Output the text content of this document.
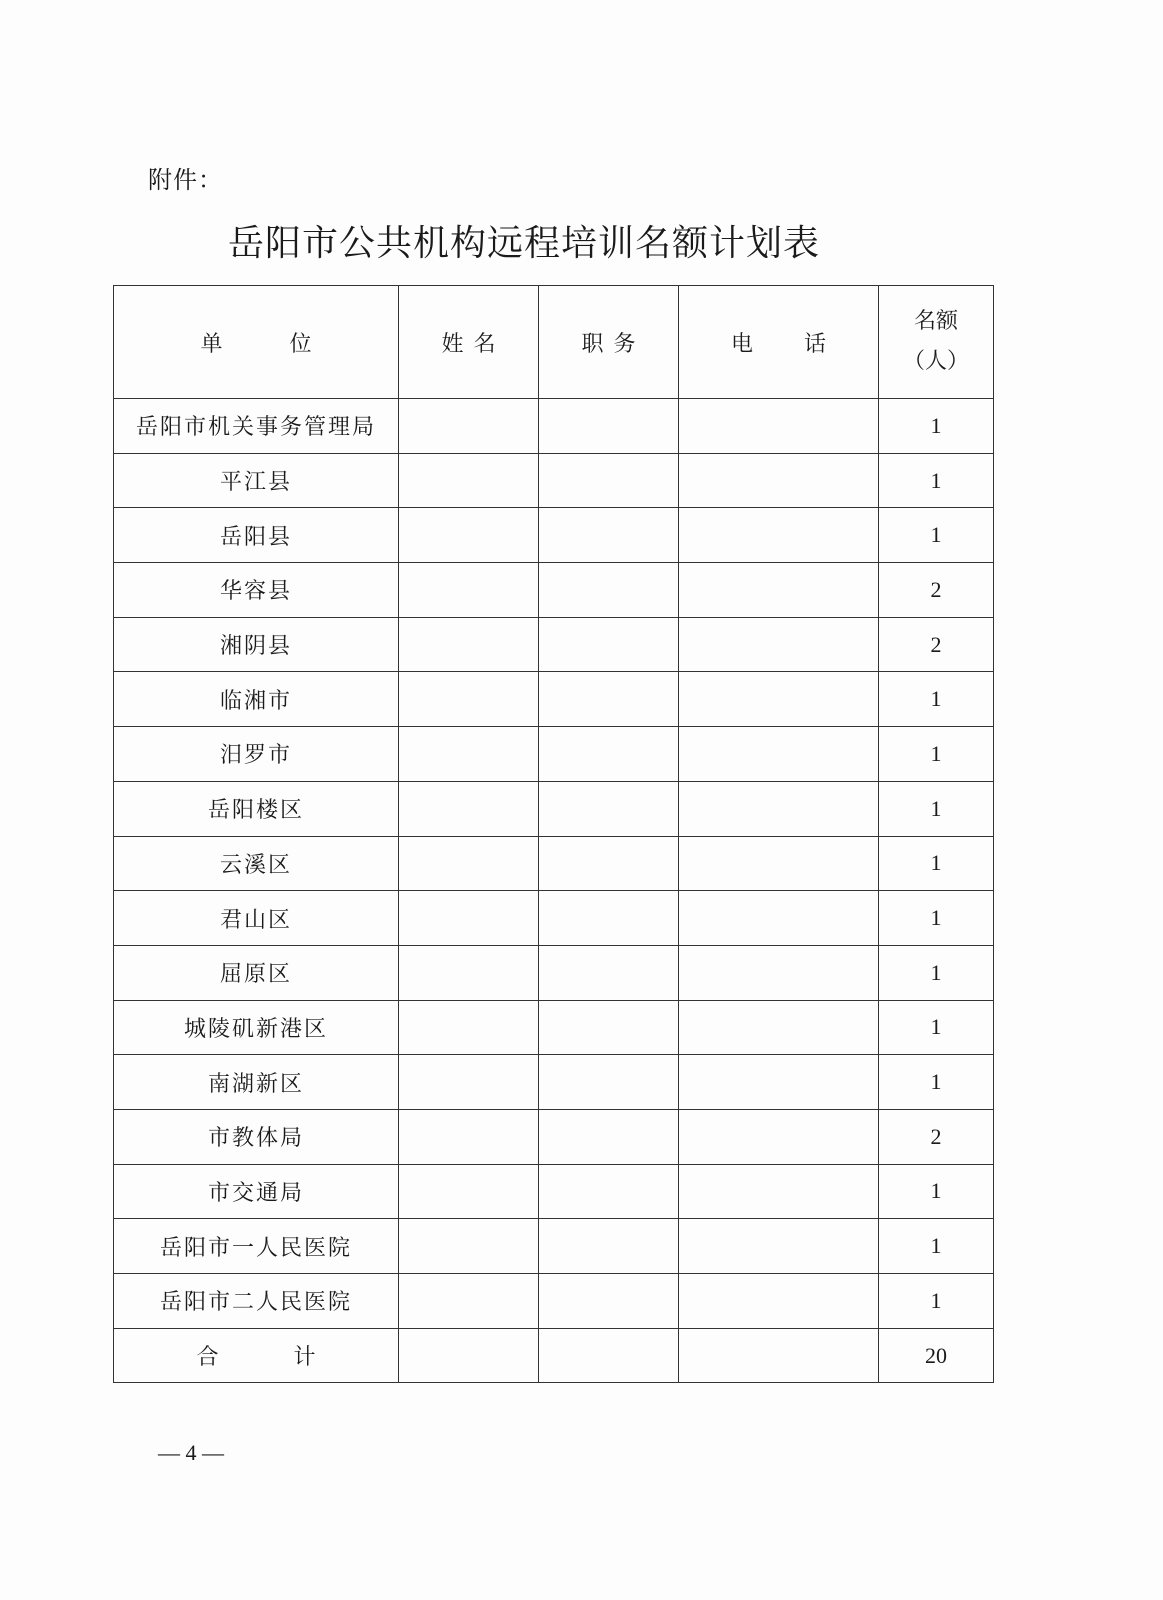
附件：
岳阳市公共机构远程培训名额计划表
单 位	姓名	职务	电 话	名额
（人）

岳阳市机关事务管理局				1
平江县				1
岳阳县				1
华容县				2
湘阴县				2
临湘市				1
汨罗市				1
岳阳楼区				1
云溪区				1
君山区				1
屈原区				1
城陵矶新港区				1
南湖新区				1
市教体局				2
市交通局				1
岳阳市一人民医院				1
岳阳市二人民医院				1
合 计				20
— 4 —
